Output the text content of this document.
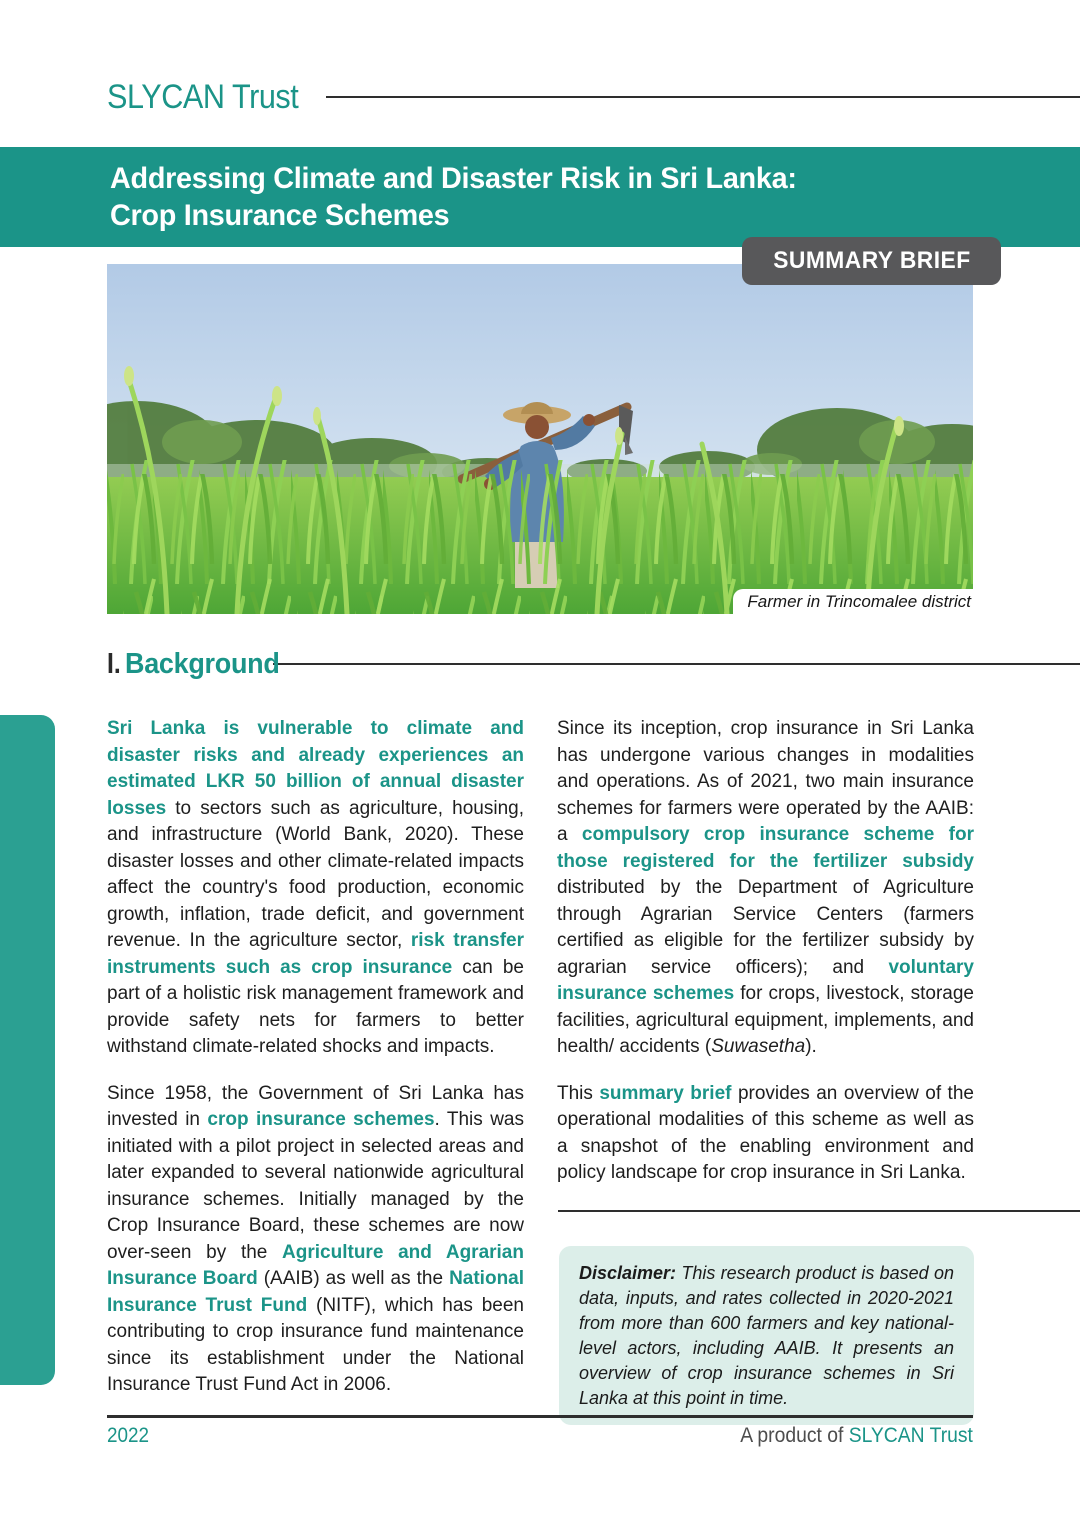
SLYCAN Trust
Addressing Climate and Disaster Risk in Sri Lanka:
Crop Insurance Schemes
SUMMARY BRIEF
Farmer in Trincomalee district
I. Background

Sri Lanka is vulnerable to climate and disaster risks and already experiences an estimated LKR 50 billion of annual disaster losses to sectors such as agriculture, housing, and infrastructure (World Bank, 2020). These disaster losses and other climate-related impacts affect the country's food production, economic growth, inflation, trade deficit, and government revenue. In the agriculture sector, risk transfer instruments such as crop insurance can be part of a holistic risk management framework and provide safety nets for farmers to better withstand climate-related shocks and impacts.

Since 1958, the Government of Sri Lanka has invested in crop insurance schemes. This was initiated with a pilot project in selected areas and later expanded to several nationwide agricultural insurance schemes. Initially managed by the Crop Insurance Board, these schemes are now over-seen by the Agriculture and Agrarian Insurance Board (AAIB) as well as the National Insurance Trust Fund (NITF), which has been contributing to crop insurance fund maintenance since its establishment under the National Insurance Trust Fund Act in 2006.

Since its inception, crop insurance in Sri Lanka has undergone various changes in modalities and operations. As of 2021, two main insurance schemes for farmers were operated by the AAIB: a compulsory crop insurance scheme for those registered for the fertilizer subsidy distributed by the Department of Agriculture through Agrarian Service Centers (farmers certified as eligible for the fertilizer subsidy by agrarian service officers); and voluntary insurance schemes for crops, livestock, storage facilities, agricultural equipment, implements, and health/ accidents (Suwasetha).

This summary brief provides an overview of the operational modalities of this scheme as well as a snapshot of the enabling environment and policy landscape for crop insurance in Sri Lanka.

Disclaimer: This research product is based on data, inputs, and rates collected in 2020-2021 from more than 600 farmers and key national-level actors, including AAIB. It presents an overview of crop insurance schemes in Sri Lanka at this point in time.
2022	A product of SLYCAN Trust
